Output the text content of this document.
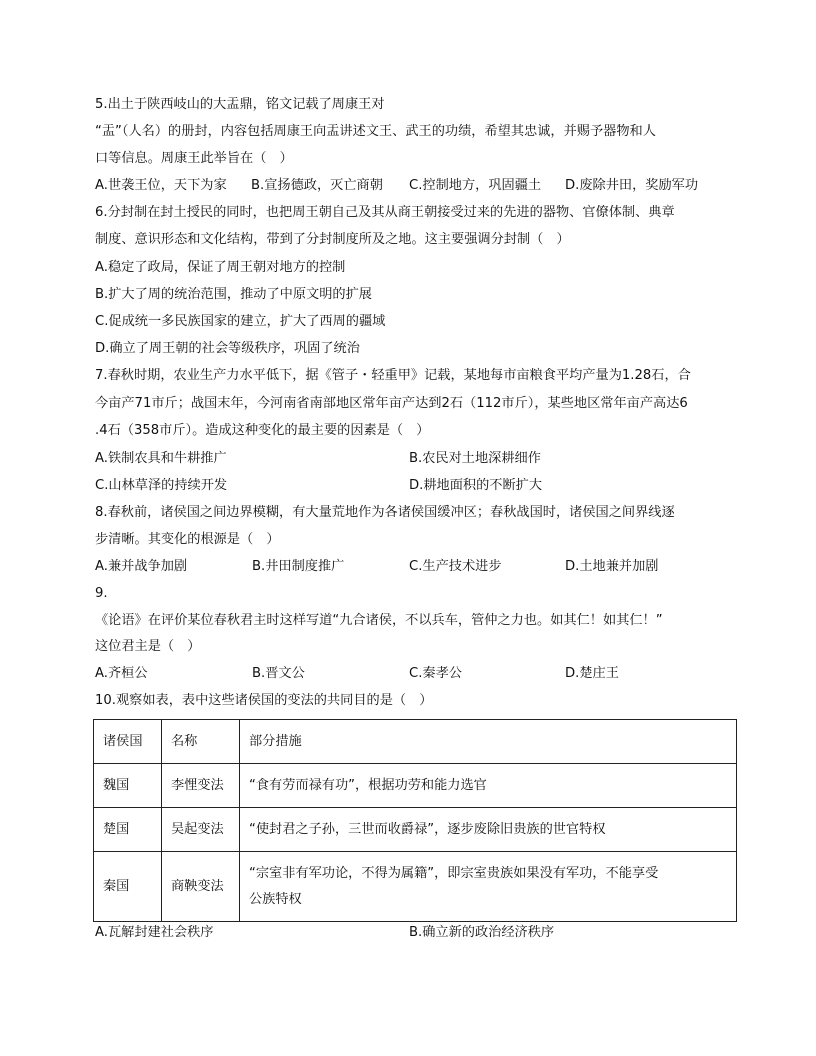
5.出土于陕西岐山的大盂鼎，铭文记载了周康王对
“盂”（人名）的册封，内容包括周康王向盂讲述文王、武王的功绩，希望其忠诚，并赐予器物和人
口等信息。周康王此举旨在（　）
A.世袭王位，天下为家 B.宣扬德政，灭亡商朝 C.控制地方，巩固疆土 D.废除井田，奖励军功
6.分封制在封土授民的同时，也把周王朝自己及其从商王朝接受过来的先进的器物、官僚体制、典章
制度、意识形态和文化结构，带到了分封制度所及之地。这主要强调分封制（　）
A.稳定了政局，保证了周王朝对地方的控制
B.扩大了周的统治范围，推动了中原文明的扩展
C.促成统一多民族国家的建立，扩大了西周的疆域
D.确立了周王朝的社会等级秩序，巩固了统治
7.春秋时期，农业生产力水平低下，据《管子・轻重甲》记载，某地每市亩粮食平均产量为1.28石，合
今亩产71市斤；战国末年，今河南省南部地区常年亩产达到2石（112市斤），某些地区常年亩产高达6
.4石（358市斤）。造成这种变化的最主要的因素是（　）
A.铁制农具和牛耕推广	B.农民对土地深耕细作
C.山林草泽的持续开发	D.耕地面积的不断扩大
8.春秋前，诸侯国之间边界模糊，有大量荒地作为各诸侯国缓冲区；春秋战国时，诸侯国之间界线逐
步清晰。其变化的根源是（　）
A.兼并战争加剧	B.井田制度推广	C.生产技术进步	D.土地兼并加剧
9.
《论语》在评价某位春秋君主时这样写道“九合诸侯，不以兵车，管仲之力也。如其仁！如其仁！”
这位君主是（　）
A.齐桓公	B.晋文公	C.秦孝公	D.楚庄王
10.观察如表，表中这些诸侯国的变法的共同目的是（　）
诸侯国	名称	部分措施
魏国	李悝变法	“食有劳而禄有功”，根据功劳和能力选官
楚国	吴起变法	“使封君之子孙，三世而收爵禄”，逐步废除旧贵族的世官特权
秦国	商鞅变法	“宗室非有军功论，不得为属籍”，即宗室贵族如果没有军功，不能享受
公族特权
A.瓦解封建社会秩序	B.确立新的政治经济秩序
